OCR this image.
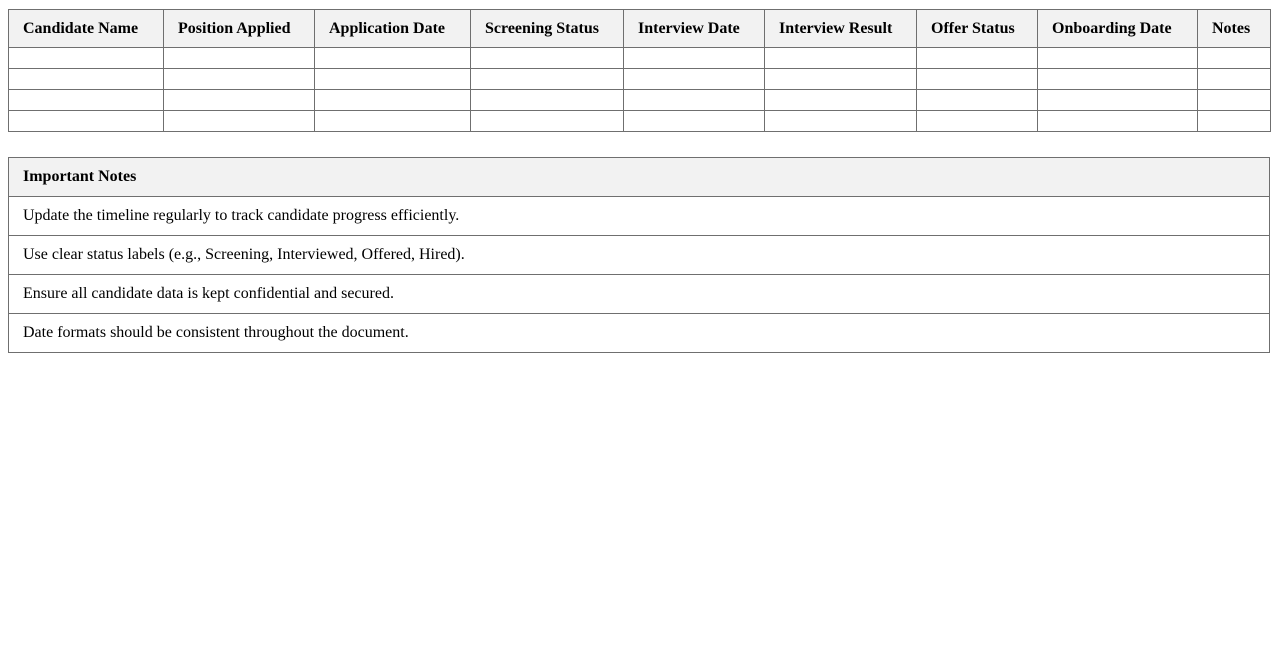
Candidate Name	Position Applied	Application Date	Screening Status	Interview Date	Interview Result	Offer Status	Onboarding Date	Notes

Important Notes
Update the timeline regularly to track candidate progress efficiently.
Use clear status labels (e.g., Screening, Interviewed, Offered, Hired).
Ensure all candidate data is kept confidential and secured.
Date formats should be consistent throughout the document.
